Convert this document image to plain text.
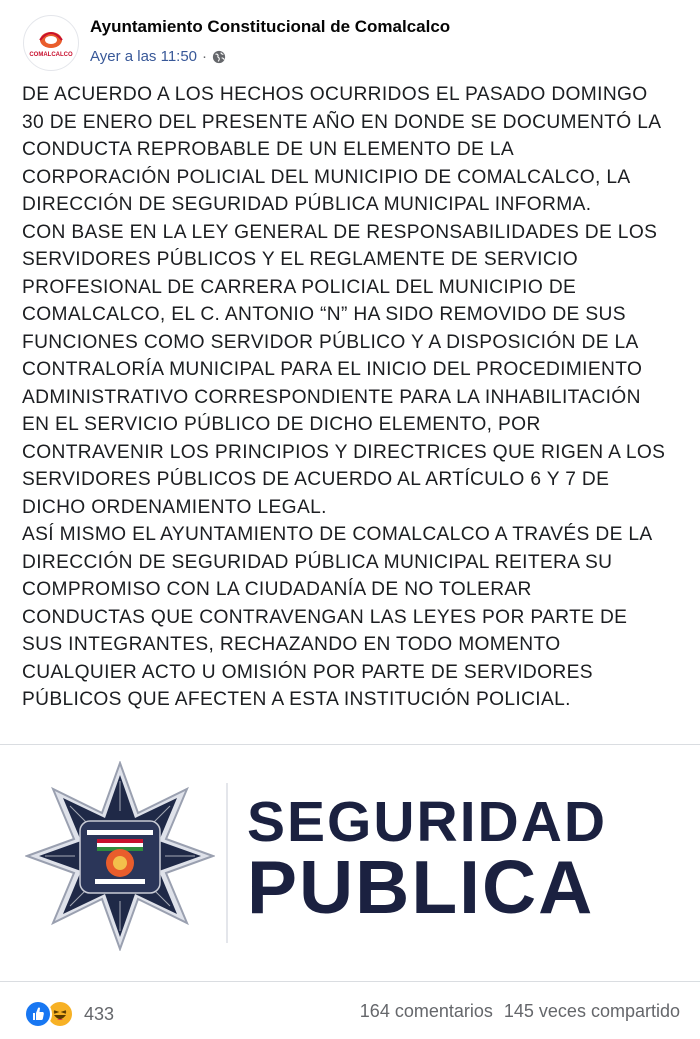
COMALCALCO
Ayuntamiento Constitucional de Comalcalco
Ayer a las 11:50 ·
DE ACUERDO A LOS HECHOS OCURRIDOS EL PASADO DOMINGO
30 DE ENERO DEL PRESENTE AÑO EN DONDE SE DOCUMENTÓ LA
CONDUCTA REPROBABLE DE UN ELEMENTO DE LA
CORPORACIÓN POLICIAL DEL MUNICIPIO DE COMALCALCO, LA
DIRECCIÓN DE SEGURIDAD PÚBLICA MUNICIPAL INFORMA.
CON BASE EN LA LEY GENERAL DE RESPONSABILIDADES DE LOS
SERVIDORES PÚBLICOS Y EL REGLAMENTE DE SERVICIO
PROFESIONAL DE CARRERA POLICIAL DEL MUNICIPIO DE
COMALCALCO, EL C. ANTONIO “N” HA SIDO REMOVIDO DE SUS
FUNCIONES COMO SERVIDOR PÚBLICO Y A DISPOSICIÓN DE LA
CONTRALORÍA MUNICIPAL PARA EL INICIO DEL PROCEDIMIENTO
ADMINISTRATIVO CORRESPONDIENTE PARA LA INHABILITACIÓN
EN EL SERVICIO PÚBLICO DE DICHO ELEMENTO, POR
CONTRAVENIR LOS PRINCIPIOS Y DIRECTRICES QUE RIGEN A LOS
SERVIDORES PÚBLICOS DE ACUERDO AL ARTÍCULO 6 Y 7 DE
DICHO ORDENAMIENTO LEGAL.
ASÍ MISMO EL AYUNTAMIENTO DE COMALCALCO A TRAVÉS DE LA
DIRECCIÓN DE SEGURIDAD PÚBLICA MUNICIPAL REITERA SU
COMPROMISO CON LA CIUDADANÍA DE NO TOLERAR
CONDUCTAS QUE CONTRAVENGAN LAS LEYES POR PARTE DE
SUS INTEGRANTES, RECHAZANDO EN TODO MOMENTO
CUALQUIER ACTO U OMISIÓN POR PARTE DE SERVIDORES
PÚBLICOS QUE AFECTEN A ESTA INSTITUCIÓN POLICIAL.
SEGURIDAD
PUBLICA
433	164 comentarios 145 veces compartido
